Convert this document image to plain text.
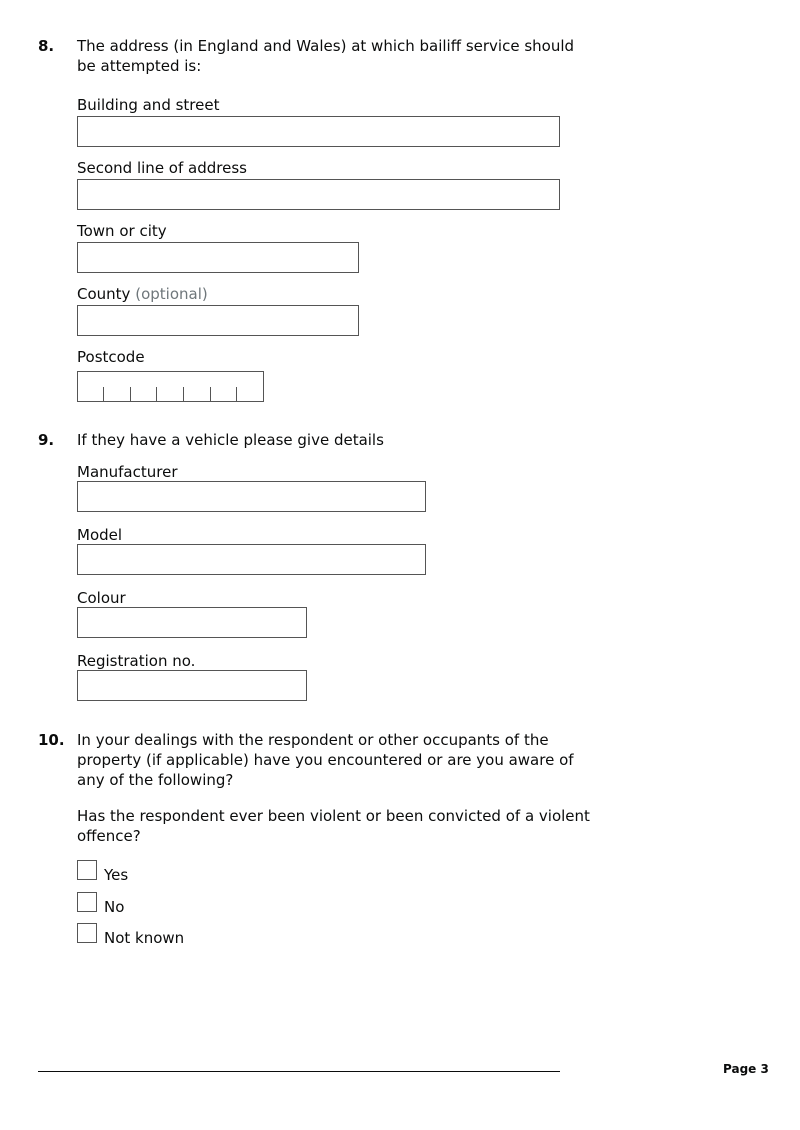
8. The address (in England and Wales) at which bailiff service should
be attempted is:
Building and street
Second line of address
Town or city
County (optional)
Postcode
9. If they have a vehicle please give details
Manufacturer
Model
Colour
Registration no.
10. In your dealings with the respondent or other occupants of the
property (if applicable) have you encountered or are you aware of
any of the following?
Has the respondent ever been violent or been convicted of a violent
offence?
Yes
No
Not known
Page 3
